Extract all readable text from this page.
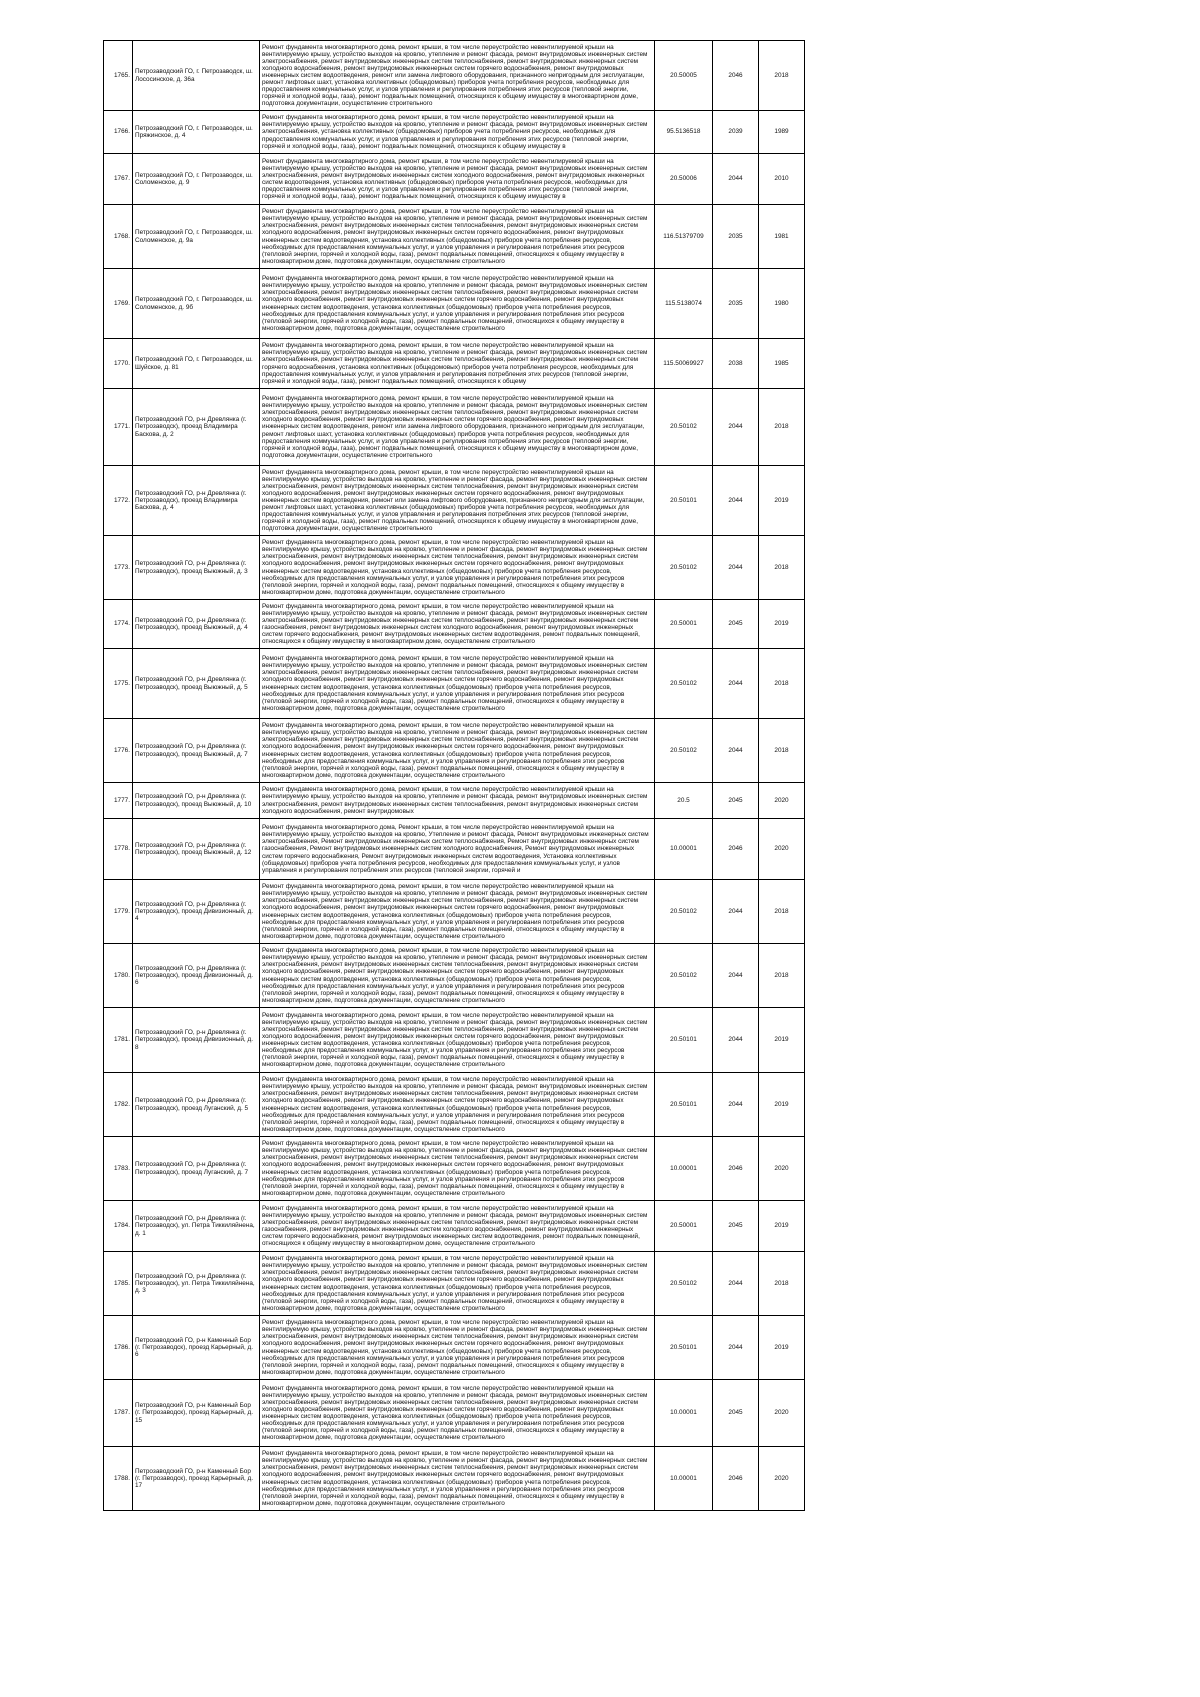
1765.	Петрозаводский ГО, г. Петрозаводск, ш. Лососинское, д. 36а	Ремонт фундамента многоквартирного дома, ремонт крыши, в том числе переустройство невентилируемой крыши на вентилируемую крышу, устройство выходов на кровлю, утепление и ремонт фасада, ремонт внутридомовых инженерных систем электроснабжения, ремонт внутридомовых инженерных систем теплоснабжения, ремонт внутридомовых инженерных систем холодного водоснабжения, ремонт внутридомовых инженерных систем горячего водоснабжения, ремонт внутридомовых инженерных систем водоотведения, ремонт или замена лифтового оборудования, признанного непригодным для эксплуатации, ремонт лифтовых шахт, установка коллективных (общедомовых) приборов учета потребления ресурсов, необходимых для предоставления коммунальных услуг, и узлов управления и регулирования потребления этих ресурсов (тепловой энергии, горячей и холодной воды, газа), ремонт подвальных помещений, относящихся к общему имуществу в многоквартирном доме, подготовка документации, осуществление строительного	20.50005	2046	2018
1766.	Петрозаводский ГО, г. Петрозаводск, ш. Пряжинское, д. 4	Ремонт фундамента многоквартирного дома, ремонт крыши, в том числе переустройство невентилируемой крыши на вентилируемую крышу, устройство выходов на кровлю, утепление и ремонт фасада, ремонт внутридомовых инженерных систем электроснабжения, установка коллективных (общедомовых) приборов учета потребления ресурсов, необходимых для предоставления коммунальных услуг, и узлов управления и регулирования потребления этих ресурсов (тепловой энергии, горячей и холодной воды, газа), ремонт подвальных помещений, относящихся к общему имуществу в	95.5136518	2039	1989
1767.	Петрозаводский ГО, г. Петрозаводск, ш. Соломенское, д. 9	Ремонт фундамента многоквартирного дома, ремонт крыши, в том числе переустройство невентилируемой крыши на вентилируемую крышу, устройство выходов на кровлю, утепление и ремонт фасада, ремонт внутридомовых инженерных систем электроснабжения, ремонт внутридомовых инженерных систем холодного водоснабжения, ремонт внутридомовых инженерных систем водоотведения, установка коллективных (общедомовых) приборов учета потребления ресурсов, необходимых для предоставления коммунальных услуг, и узлов управления и регулирования потребления этих ресурсов (тепловой энергии, горячей и холодной воды, газа), ремонт подвальных помещений, относящихся к общему имуществу в	20.50006	2044	2010
1768.	Петрозаводский ГО, г. Петрозаводск, ш. Соломенское, д. 9а	Ремонт фундамента многоквартирного дома, ремонт крыши, в том числе переустройство невентилируемой крыши на вентилируемую крышу, устройство выходов на кровлю, утепление и ремонт фасада, ремонт внутридомовых инженерных систем электроснабжения, ремонт внутридомовых инженерных систем теплоснабжения, ремонт внутридомовых инженерных систем холодного водоснабжения, ремонт внутридомовых инженерных систем горячего водоснабжения, ремонт внутридомовых инженерных систем водоотведения, установка коллективных (общедомовых) приборов учета потребления ресурсов, необходимых для предоставления коммунальных услуг, и узлов управления и регулирования потребления этих ресурсов (тепловой энергии, горячей и холодной воды, газа), ремонт подвальных помещений, относящихся к общему имуществу в многоквартирном доме, подготовка документации, осуществление строительного	116.51379709	2035	1981
1769.	Петрозаводский ГО, г. Петрозаводск, ш. Соломенское, д. 9б	Ремонт фундамента многоквартирного дома, ремонт крыши, в том числе переустройство невентилируемой крыши на вентилируемую крышу, устройство выходов на кровлю, утепление и ремонт фасада, ремонт внутридомовых инженерных систем электроснабжения, ремонт внутридомовых инженерных систем теплоснабжения, ремонт внутридомовых инженерных систем холодного водоснабжения, ремонт внутридомовых инженерных систем горячего водоснабжения, ремонт внутридомовых инженерных систем водоотведения, установка коллективных (общедомовых) приборов учета потребления ресурсов, необходимых для предоставления коммунальных услуг, и узлов управления и регулирования потребления этих ресурсов (тепловой энергии, горячей и холодной воды, газа), ремонт подвальных помещений, относящихся к общему имуществу в многоквартирном доме, подготовка документации, осуществление строительного	115.5138074	2035	1980
1770.	Петрозаводский ГО, г. Петрозаводск, ш. Шуйское, д. 81	Ремонт фундамента многоквартирного дома, ремонт крыши, в том числе переустройство невентилируемой крыши на вентилируемую крышу, устройство выходов на кровлю, утепление и ремонт фасада, ремонт внутридомовых инженерных систем электроснабжения, ремонт внутридомовых инженерных систем теплоснабжения, ремонт внутридомовых инженерных систем горячего водоснабжения, установка коллективных (общедомовых) приборов учета потребления ресурсов, необходимых для предоставления коммунальных услуг, и узлов управления и регулирования потребления этих ресурсов (тепловой энергии, горячей и холодной воды, газа), ремонт подвальных помещений, относящихся к общему	115.50069927	2038	1985
1771.	Петрозаводский ГО, р-н Древлянка (г. Петрозаводск), проезд Владимира Баскова, д. 2	Ремонт фундамента многоквартирного дома, ремонт крыши, в том числе переустройство невентилируемой крыши на вентилируемую крышу, устройство выходов на кровлю, утепление и ремонт фасада, ремонт внутридомовых инженерных систем электроснабжения, ремонт внутридомовых инженерных систем теплоснабжения, ремонт внутридомовых инженерных систем холодного водоснабжения, ремонт внутридомовых инженерных систем горячего водоснабжения, ремонт внутридомовых инженерных систем водоотведения, ремонт или замена лифтового оборудования, признанного непригодным для эксплуатации, ремонт лифтовых шахт, установка коллективных (общедомовых) приборов учета потребления ресурсов, необходимых для предоставления коммунальных услуг, и узлов управления и регулирования потребления этих ресурсов (тепловой энергии, горячей и холодной воды, газа), ремонт подвальных помещений, относящихся к общему имуществу в многоквартирном доме, подготовка документации, осуществление строительного	20.50102	2044	2018
1772.	Петрозаводский ГО, р-н Древлянка (г. Петрозаводск), проезд Владимира Баскова, д. 4	Ремонт фундамента многоквартирного дома, ремонт крыши, в том числе переустройство невентилируемой крыши на вентилируемую крышу, устройство выходов на кровлю, утепление и ремонт фасада, ремонт внутридомовых инженерных систем электроснабжения, ремонт внутридомовых инженерных систем теплоснабжения, ремонт внутридомовых инженерных систем холодного водоснабжения, ремонт внутридомовых инженерных систем горячего водоснабжения, ремонт внутридомовых инженерных систем водоотведения, ремонт или замена лифтового оборудования, признанного непригодным для эксплуатации, ремонт лифтовых шахт, установка коллективных (общедомовых) приборов учета потребления ресурсов, необходимых для предоставления коммунальных услуг, и узлов управления и регулирования потребления этих ресурсов (тепловой энергии, горячей и холодной воды, газа), ремонт подвальных помещений, относящихся к общему имуществу в многоквартирном доме, подготовка документации, осуществление строительного	20.50101	2044	2019
1773.	Петрозаводский ГО, р-н Древлянка (г. Петрозаводск), проезд Выюжный, д. 3	Ремонт фундамента многоквартирного дома, ремонт крыши, в том числе переустройство невентилируемой крыши на вентилируемую крышу, устройство выходов на кровлю, утепление и ремонт фасада, ремонт внутридомовых инженерных систем электроснабжения, ремонт внутридомовых инженерных систем теплоснабжения, ремонт внутридомовых инженерных систем холодного водоснабжения, ремонт внутридомовых инженерных систем горячего водоснабжения, ремонт внутридомовых инженерных систем водоотведения, установка коллективных (общедомовых) приборов учета потребления ресурсов, необходимых для предоставления коммунальных услуг, и узлов управления и регулирования потребления этих ресурсов (тепловой энергии, горячей и холодной воды, газа), ремонт подвальных помещений, относящихся к общему имуществу в многоквартирном доме, подготовка документации, осуществление строительного	20.50102	2044	2018
1774.	Петрозаводский ГО, р-н Древлянка (г. Петрозаводск), проезд Выюжный, д. 4	Ремонт фундамента многоквартирного дома, ремонт крыши, в том числе переустройство невентилируемой крыши на вентилируемую крышу, устройство выходов на кровлю, утепление и ремонт фасада, ремонт внутридомовых инженерных систем электроснабжения, ремонт внутридомовых инженерных систем теплоснабжения, ремонт внутридомовых инженерных систем газоснабжения, ремонт внутридомовых инженерных систем холодного водоснабжения, ремонт внутридомовых инженерных систем горячего водоснабжения, ремонт внутридомовых инженерных систем водоотведения, ремонт подвальных помещений, относящихся к общему имуществу в многоквартирном доме, осуществление строительного	20.50001	2045	2019
1775.	Петрозаводский ГО, р-н Древлянка (г. Петрозаводск), проезд Выюжный, д. 5	Ремонт фундамента многоквартирного дома, ремонт крыши, в том числе переустройство невентилируемой крыши на вентилируемую крышу, устройство выходов на кровлю, утепление и ремонт фасада, ремонт внутридомовых инженерных систем электроснабжения, ремонт внутридомовых инженерных систем теплоснабжения, ремонт внутридомовых инженерных систем холодного водоснабжения, ремонт внутридомовых инженерных систем горячего водоснабжения, ремонт внутридомовых инженерных систем водоотведения, установка коллективных (общедомовых) приборов учета потребления ресурсов, необходимых для предоставления коммунальных услуг, и узлов управления и регулирования потребления этих ресурсов (тепловой энергии, горячей и холодной воды, газа), ремонт подвальных помещений, относящихся к общему имуществу в многоквартирном доме, подготовка документации, осуществление строительного	20.50102	2044	2018
1776.	Петрозаводский ГО, р-н Древлянка (г. Петрозаводск), проезд Выюжный, д. 7	Ремонт фундамента многоквартирного дома, ремонт крыши, в том числе переустройство невентилируемой крыши на вентилируемую крышу, устройство выходов на кровлю, утепление и ремонт фасада, ремонт внутридомовых инженерных систем электроснабжения, ремонт внутридомовых инженерных систем теплоснабжения, ремонт внутридомовых инженерных систем холодного водоснабжения, ремонт внутридомовых инженерных систем горячего водоснабжения, ремонт внутридомовых инженерных систем водоотведения, установка коллективных (общедомовых) приборов учета потребления ресурсов, необходимых для предоставления коммунальных услуг, и узлов управления и регулирования потребления этих ресурсов (тепловой энергии, горячей и холодной воды, газа), ремонт подвальных помещений, относящихся к общему имуществу в многоквартирном доме, подготовка документации, осуществление строительного	20.50102	2044	2018
1777.	Петрозаводский ГО, р-н Древлянка (г. Петрозаводск), проезд Выюжный, д. 10	Ремонт фундамента многоквартирного дома, ремонт крыши, в том числе переустройство невентилируемой крыши на вентилируемую крышу, устройство выходов на кровлю, утепление и ремонт фасада, ремонт внутридомовых инженерных систем электроснабжения, ремонт внутридомовых инженерных систем теплоснабжения, ремонт внутридомовых инженерных систем холодного водоснабжения, ремонт внутридомовых	20.5	2045	2020
1778.	Петрозаводский ГО, р-н Древлянка (г. Петрозаводск), проезд Выюжный, д. 12	Ремонт фундамента многоквартирного дома, Ремонт крыши, в том числе переустройство невентилируемой крыши на вентилируемую крышу, устройство выходов на кровлю, Утепление и ремонт фасада, Ремонт внутридомовых инженерных систем электроснабжения, Ремонт внутридомовых инженерных систем теплоснабжения, Ремонт внутридомовых инженерных систем газоснабжения, Ремонт внутридомовых инженерных систем холодного водоснабжения, Ремонт внутридомовых инженерных систем горячего водоснабжения, Ремонт внутридомовых инженерных систем водоотведения, Установка коллективных (общедомовых) приборов учета потребления ресурсов, необходимых для предоставления коммунальных услуг, и узлов управления и регулирования потребления этих ресурсов (тепловой энергии, горячей и	10.00001	2046	2020
1779.	Петрозаводский ГО, р-н Древлянка (г. Петрозаводск), проезд Дивизионный, д. 4	Ремонт фундамента многоквартирного дома, ремонт крыши, в том числе переустройство невентилируемой крыши на вентилируемую крышу, устройство выходов на кровлю, утепление и ремонт фасада, ремонт внутридомовых инженерных систем электроснабжения, ремонт внутридомовых инженерных систем теплоснабжения, ремонт внутридомовых инженерных систем холодного водоснабжения, ремонт внутридомовых инженерных систем горячего водоснабжения, ремонт внутридомовых инженерных систем водоотведения, установка коллективных (общедомовых) приборов учета потребления ресурсов, необходимых для предоставления коммунальных услуг, и узлов управления и регулирования потребления этих ресурсов (тепловой энергии, горячей и холодной воды, газа), ремонт подвальных помещений, относящихся к общему имуществу в многоквартирном доме, подготовка документации, осуществление строительного	20.50102	2044	2018
1780.	Петрозаводский ГО, р-н Древлянка (г. Петрозаводск), проезд Дивизионный, д. 6	Ремонт фундамента многоквартирного дома, ремонт крыши, в том числе переустройство невентилируемой крыши на вентилируемую крышу, устройство выходов на кровлю, утепление и ремонт фасада, ремонт внутридомовых инженерных систем электроснабжения, ремонт внутридомовых инженерных систем теплоснабжения, ремонт внутридомовых инженерных систем холодного водоснабжения, ремонт внутридомовых инженерных систем горячего водоснабжения, ремонт внутридомовых инженерных систем водоотведения, установка коллективных (общедомовых) приборов учета потребления ресурсов, необходимых для предоставления коммунальных услуг, и узлов управления и регулирования потребления этих ресурсов (тепловой энергии, горячей и холодной воды, газа), ремонт подвальных помещений, относящихся к общему имуществу в многоквартирном доме, подготовка документации, осуществление строительного	20.50102	2044	2018
1781.	Петрозаводский ГО, р-н Древлянка (г. Петрозаводск), проезд Дивизионный, д. 8	Ремонт фундамента многоквартирного дома, ремонт крыши, в том числе переустройство невентилируемой крыши на вентилируемую крышу, устройство выходов на кровлю, утепление и ремонт фасада, ремонт внутридомовых инженерных систем электроснабжения, ремонт внутридомовых инженерных систем теплоснабжения, ремонт внутридомовых инженерных систем холодного водоснабжения, ремонт внутридомовых инженерных систем горячего водоснабжения, ремонт внутридомовых инженерных систем водоотведения, установка коллективных (общедомовых) приборов учета потребления ресурсов, необходимых для предоставления коммунальных услуг, и узлов управления и регулирования потребления этих ресурсов (тепловой энергии, горячей и холодной воды, газа), ремонт подвальных помещений, относящихся к общему имуществу в многоквартирном доме, подготовка документации, осуществление строительного	20.50101	2044	2019
1782.	Петрозаводский ГО, р-н Древлянка (г. Петрозаводск), проезд Луганский, д. 5	Ремонт фундамента многоквартирного дома, ремонт крыши, в том числе переустройство невентилируемой крыши на вентилируемую крышу, устройство выходов на кровлю, утепление и ремонт фасада, ремонт внутридомовых инженерных систем электроснабжения, ремонт внутридомовых инженерных систем теплоснабжения, ремонт внутридомовых инженерных систем холодного водоснабжения, ремонт внутридомовых инженерных систем горячего водоснабжения, ремонт внутридомовых инженерных систем водоотведения, установка коллективных (общедомовых) приборов учета потребления ресурсов, необходимых для предоставления коммунальных услуг, и узлов управления и регулирования потребления этих ресурсов (тепловой энергии, горячей и холодной воды, газа), ремонт подвальных помещений, относящихся к общему имуществу в многоквартирном доме, подготовка документации, осуществление строительного	20.50101	2044	2019
1783.	Петрозаводский ГО, р-н Древлянка (г. Петрозаводск), проезд Луганский, д. 7	Ремонт фундамента многоквартирного дома, ремонт крыши, в том числе переустройство невентилируемой крыши на вентилируемую крышу, устройство выходов на кровлю, утепление и ремонт фасада, ремонт внутридомовых инженерных систем электроснабжения, ремонт внутридомовых инженерных систем теплоснабжения, ремонт внутридомовых инженерных систем холодного водоснабжения, ремонт внутридомовых инженерных систем горячего водоснабжения, ремонт внутридомовых инженерных систем водоотведения, установка коллективных (общедомовых) приборов учета потребления ресурсов, необходимых для предоставления коммунальных услуг, и узлов управления и регулирования потребления этих ресурсов (тепловой энергии, горячей и холодной воды, газа), ремонт подвальных помещений, относящихся к общему имуществу в многоквартирном доме, подготовка документации, осуществление строительного	10.00001	2046	2020
1784.	Петрозаводский ГО, р-н Древлянка (г. Петрозаводск), ул. Петра Тиккиляйнена, д. 1	Ремонт фундамента многоквартирного дома, ремонт крыши, в том числе переустройство невентилируемой крыши на вентилируемую крышу, устройство выходов на кровлю, утепление и ремонт фасада, ремонт внутридомовых инженерных систем электроснабжения, ремонт внутридомовых инженерных систем теплоснабжения, ремонт внутридомовых инженерных систем газоснабжения, ремонт внутридомовых инженерных систем холодного водоснабжения, ремонт внутридомовых инженерных систем горячего водоснабжения, ремонт внутридомовых инженерных систем водоотведения, ремонт подвальных помещений, относящихся к общему имуществу в многоквартирном доме, осуществление строительного	20.50001	2045	2019
1785.	Петрозаводский ГО, р-н Древлянка (г. Петрозаводск), ул. Петра Тиккиляйнена, д. 3	Ремонт фундамента многоквартирного дома, ремонт крыши, в том числе переустройство невентилируемой крыши на вентилируемую крышу, устройство выходов на кровлю, утепление и ремонт фасада, ремонт внутридомовых инженерных систем электроснабжения, ремонт внутридомовых инженерных систем теплоснабжения, ремонт внутридомовых инженерных систем холодного водоснабжения, ремонт внутридомовых инженерных систем горячего водоснабжения, ремонт внутридомовых инженерных систем водоотведения, установка коллективных (общедомовых) приборов учета потребления ресурсов, необходимых для предоставления коммунальных услуг, и узлов управления и регулирования потребления этих ресурсов (тепловой энергии, горячей и холодной воды, газа), ремонт подвальных помещений, относящихся к общему имуществу в многоквартирном доме, подготовка документации, осуществление строительного	20.50102	2044	2018
1786.	Петрозаводский ГО, р-н Каменный Бор (г. Петрозаводск), проезд Карьерный, д. 6	Ремонт фундамента многоквартирного дома, ремонт крыши, в том числе переустройство невентилируемой крыши на вентилируемую крышу, устройство выходов на кровлю, утепление и ремонт фасада, ремонт внутридомовых инженерных систем электроснабжения, ремонт внутридомовых инженерных систем теплоснабжения, ремонт внутридомовых инженерных систем холодного водоснабжения, ремонт внутридомовых инженерных систем горячего водоснабжения, ремонт внутридомовых инженерных систем водоотведения, установка коллективных (общедомовых) приборов учета потребления ресурсов, необходимых для предоставления коммунальных услуг, и узлов управления и регулирования потребления этих ресурсов (тепловой энергии, горячей и холодной воды, газа), ремонт подвальных помещений, относящихся к общему имуществу в многоквартирном доме, подготовка документации, осуществление строительного	20.50101	2044	2019
1787.	Петрозаводский ГО, р-н Каменный Бор (г. Петрозаводск), проезд Карьерный, д. 15	Ремонт фундамента многоквартирного дома, ремонт крыши, в том числе переустройство невентилируемой крыши на вентилируемую крышу, устройство выходов на кровлю, утепление и ремонт фасада, ремонт внутридомовых инженерных систем электроснабжения, ремонт внутридомовых инженерных систем теплоснабжения, ремонт внутридомовых инженерных систем холодного водоснабжения, ремонт внутридомовых инженерных систем горячего водоснабжения, ремонт внутридомовых инженерных систем водоотведения, установка коллективных (общедомовых) приборов учета потребления ресурсов, необходимых для предоставления коммунальных услуг, и узлов управления и регулирования потребления этих ресурсов (тепловой энергии, горячей и холодной воды, газа), ремонт подвальных помещений, относящихся к общему имуществу в многоквартирном доме, подготовка документации, осуществление строительного	10.00001	2045	2020
1788.	Петрозаводский ГО, р-н Каменный Бор (г. Петрозаводск), проезд Карьерный, д. 17	Ремонт фундамента многоквартирного дома, ремонт крыши, в том числе переустройство невентилируемой крыши на вентилируемую крышу, устройство выходов на кровлю, утепление и ремонт фасада, ремонт внутридомовых инженерных систем электроснабжения, ремонт внутридомовых инженерных систем теплоснабжения, ремонт внутридомовых инженерных систем холодного водоснабжения, ремонт внутридомовых инженерных систем горячего водоснабжения, ремонт внутридомовых инженерных систем водоотведения, установка коллективных (общедомовых) приборов учета потребления ресурсов, необходимых для предоставления коммунальных услуг, и узлов управления и регулирования потребления этих ресурсов (тепловой энергии, горячей и холодной воды, газа), ремонт подвальных помещений, относящихся к общему имуществу в многоквартирном доме, подготовка документации, осуществление строительного	10.00001	2046	2020
